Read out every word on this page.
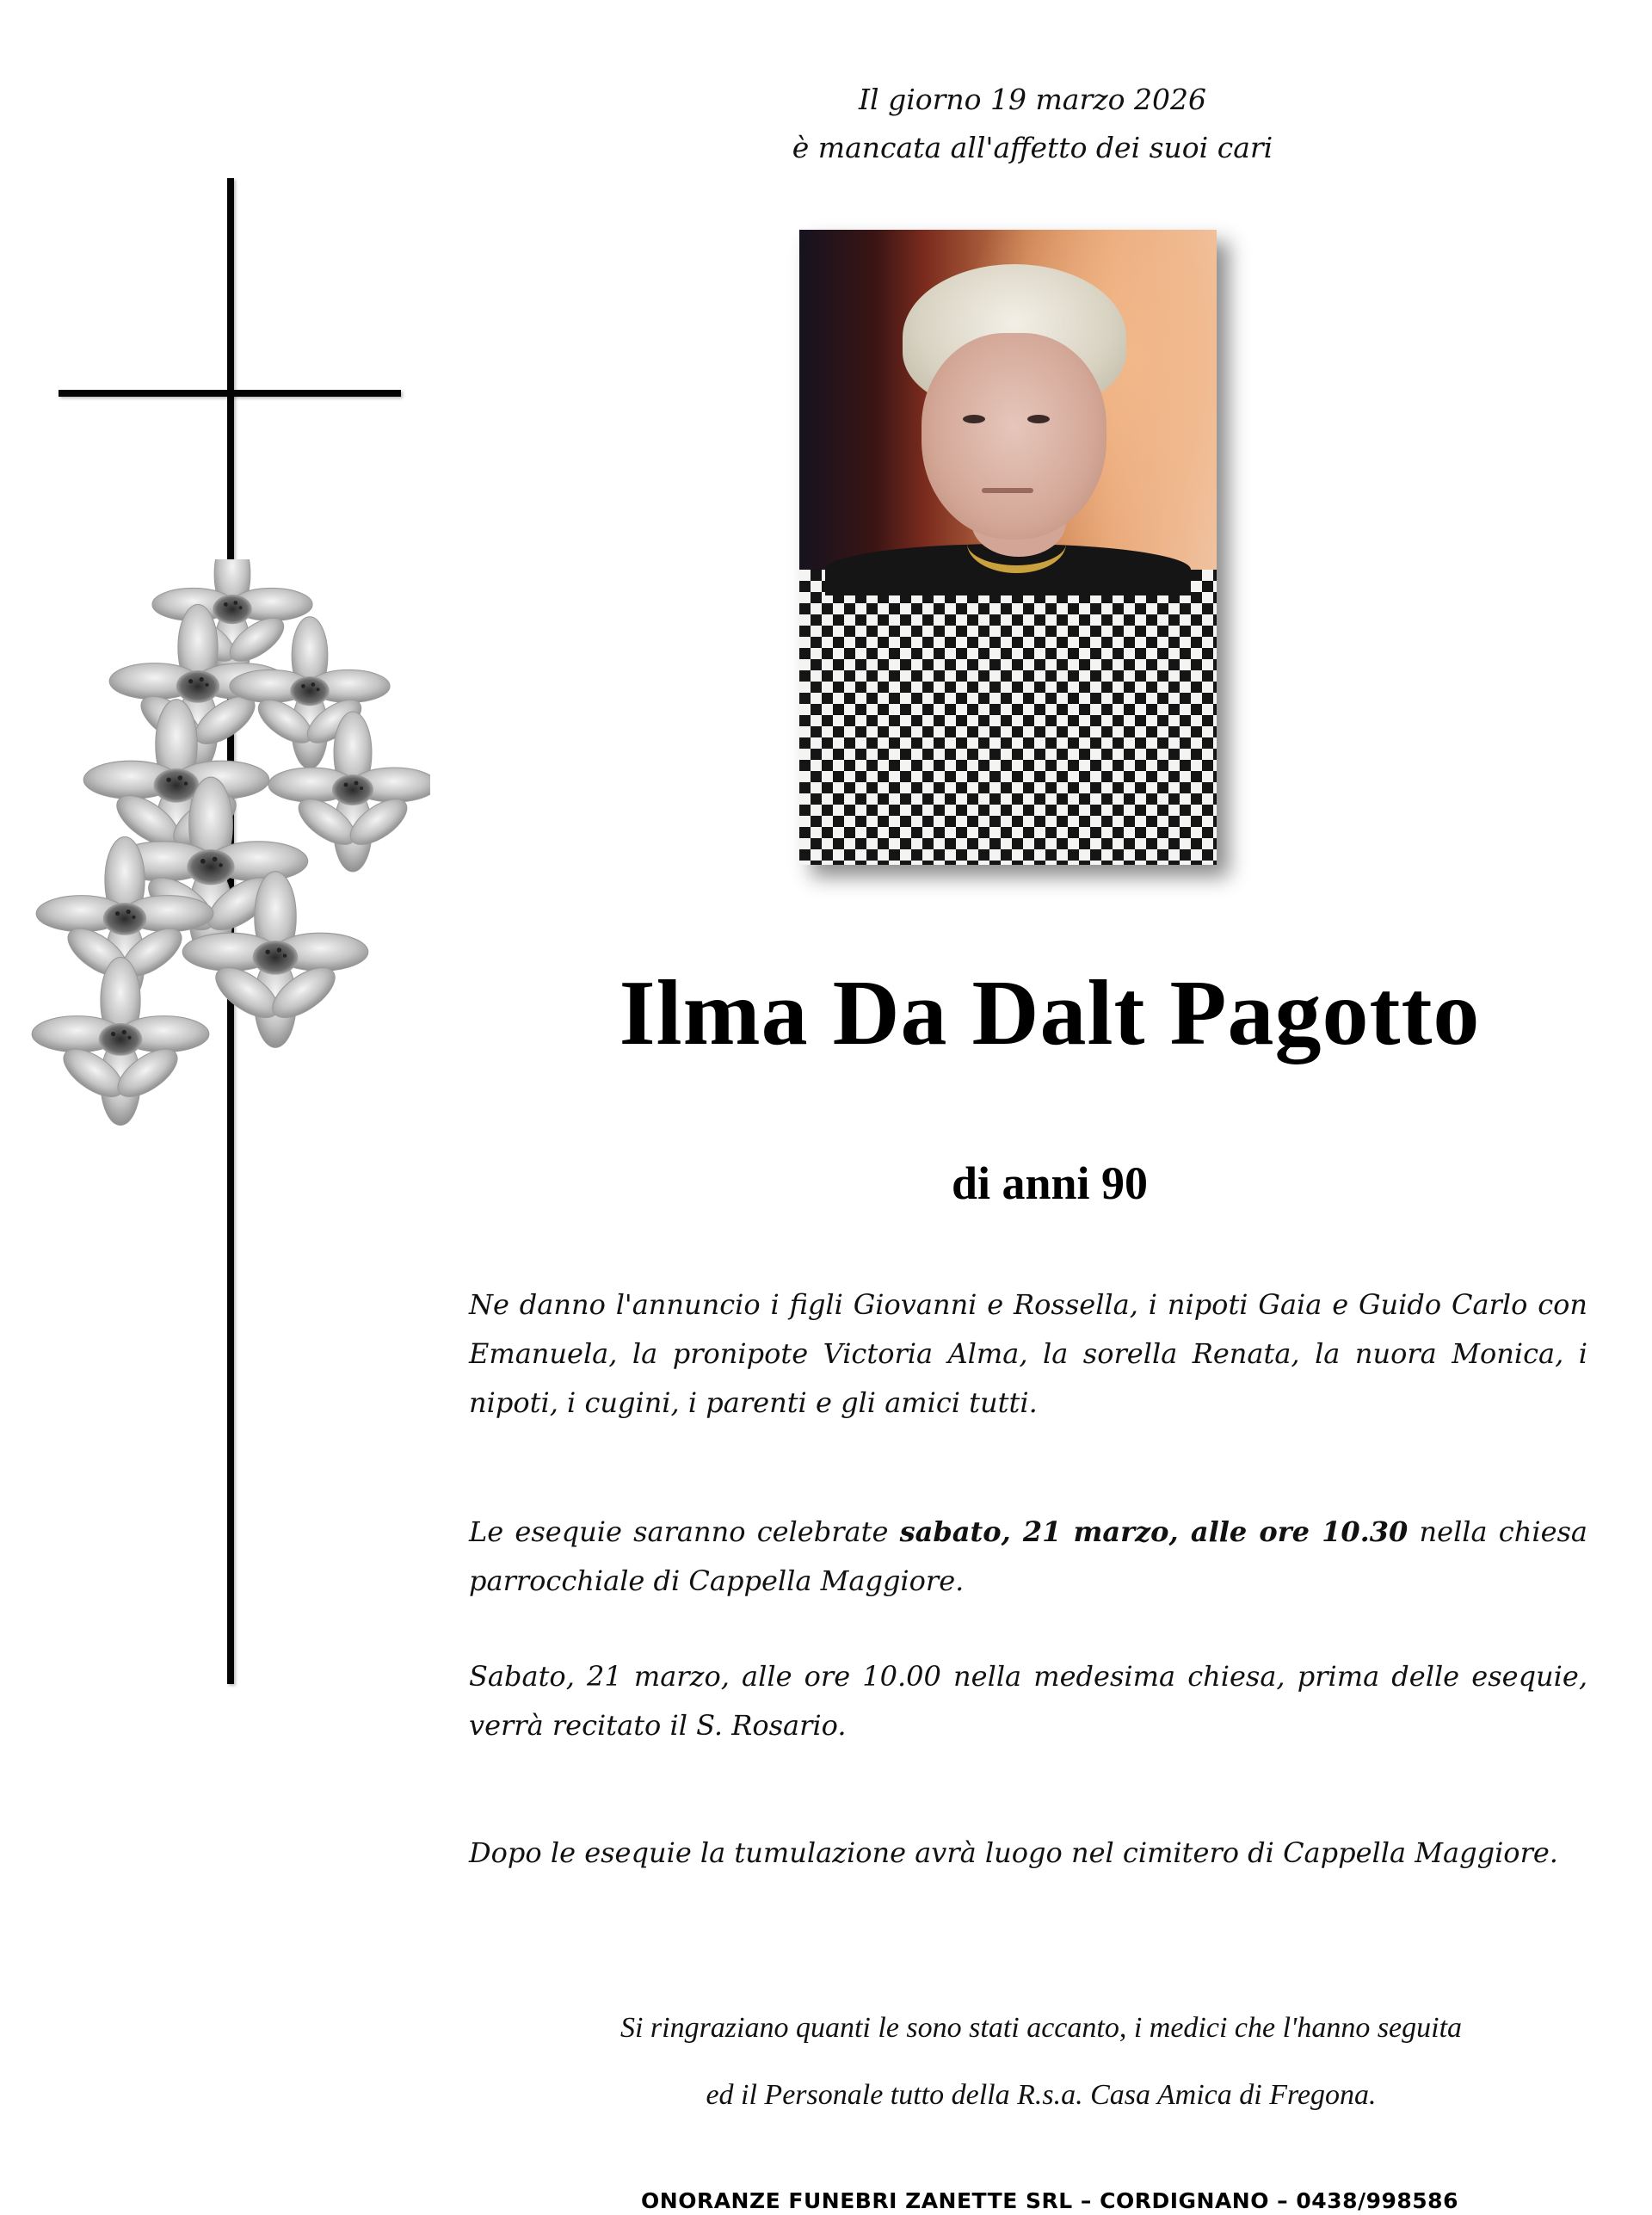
Il giorno 19 marzo 2026
è mancata all'affetto dei suoi cari
Ilma Da Dalt Pagotto
di anni 90
Ne danno l'annuncio i figli Giovanni e Rossella, i nipoti Gaia e Guido Carlo con Emanuela, la pronipote Victoria Alma, la sorella Renata, la nuora Monica, i nipoti, i cugini, i parenti e gli amici tutti.
Le esequie saranno celebrate sabato, 21 marzo, alle ore 10.30 nella chiesa parrocchiale di Cappella Maggiore.
Sabato, 21 marzo, alle ore 10.00 nella medesima chiesa, prima delle esequie, verrà recitato il S. Rosario.
Dopo le esequie la tumulazione avrà luogo nel cimitero di Cappella Maggiore.
Si ringraziano quanti le sono stati accanto, i medici che l'hanno seguita
ed il Personale tutto della R.s.a. Casa Amica di Fregona.
ONORANZE FUNEBRI ZANETTE SRL – CORDIGNANO – 0438/998586
